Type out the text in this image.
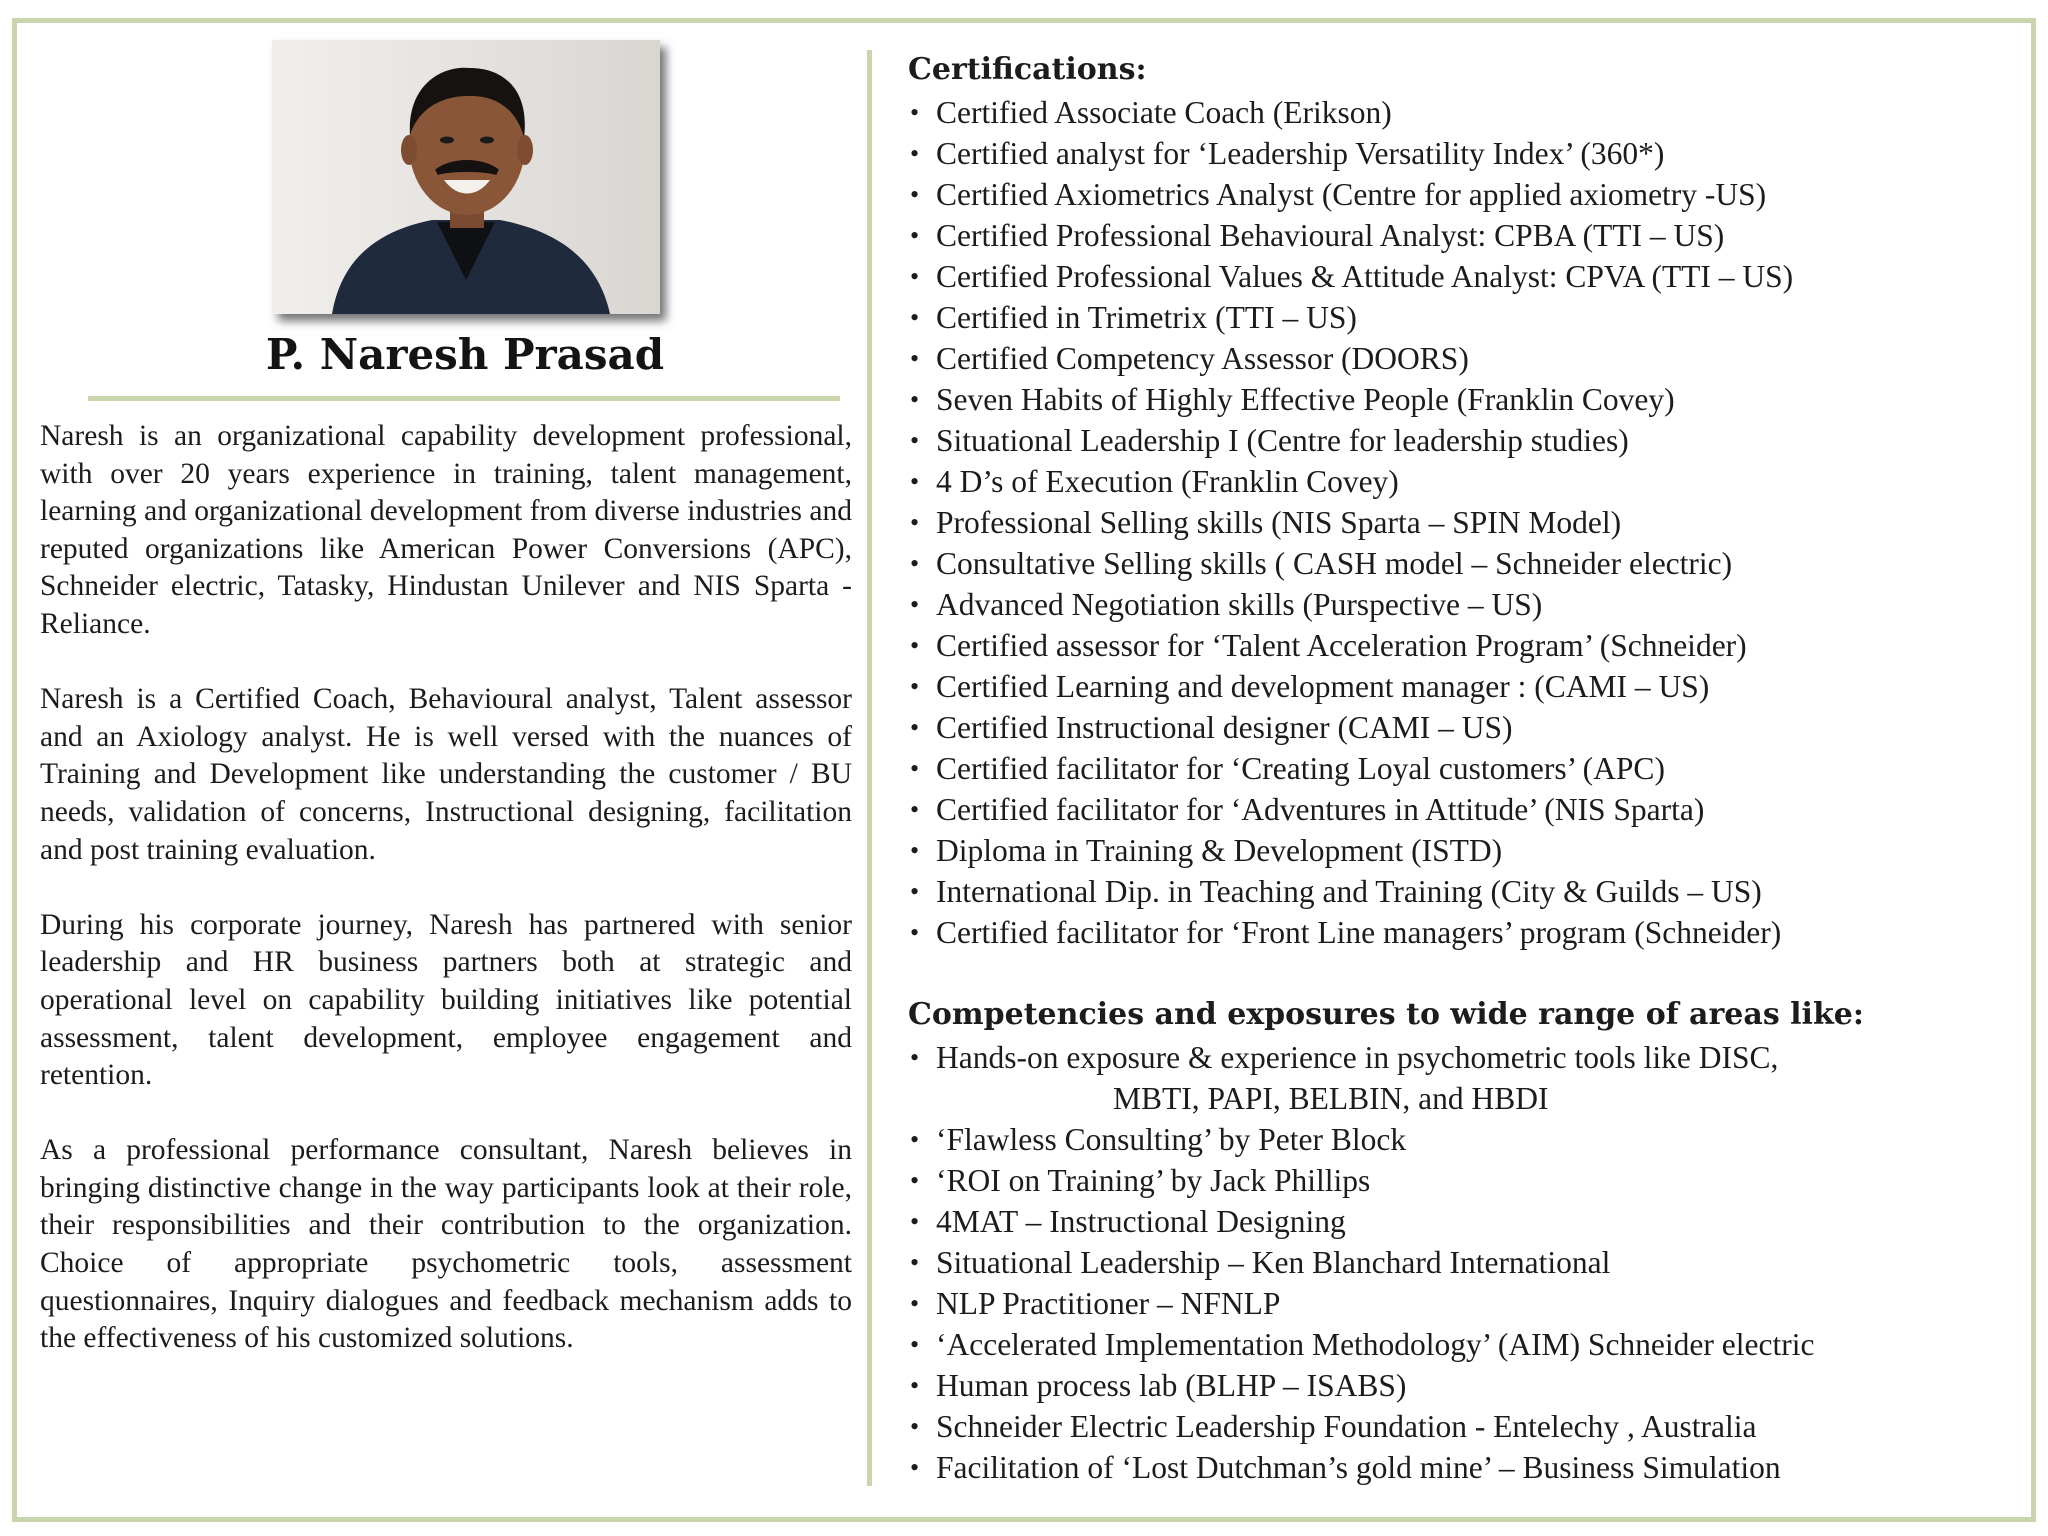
P. Naresh Prasad

Naresh is an organizational capability development professional, with over 20 years experience in training, talent management, learning and organizational development from diverse industries and reputed organizations like American Power Conversions (APC), Schneider electric, Tatasky, Hindustan Unilever and NIS Sparta - Reliance.

Naresh is a Certified Coach, Behavioural analyst, Talent assessor and an Axiology analyst. He is well versed with the nuances of Training and Development like understanding the customer / BU needs, validation of concerns, Instructional designing, facilitation and post training evaluation.

During his corporate journey, Naresh has partnered with senior leadership and HR business partners both at strategic and operational level on capability building initiatives like potential assessment, talent development, employee engagement and retention.

As a professional performance consultant, Naresh believes in bringing distinctive change in the way participants look at their role, their responsibilities and their contribution to the organization. Choice of appropriate psychometric tools, assessment questionnaires, Inquiry dialogues and feedback mechanism adds to the effectiveness of his customized solutions.

Certifications:
• Certified Associate Coach (Erikson)
• Certified analyst for ‘Leadership Versatility Index’ (360*)
• Certified Axiometrics Analyst (Centre for applied axiometry -US)
• Certified Professional Behavioural Analyst: CPBA (TTI – US)
• Certified Professional Values & Attitude Analyst: CPVA (TTI – US)
• Certified in Trimetrix (TTI – US)
• Certified Competency Assessor (DOORS)
• Seven Habits of Highly Effective People (Franklin Covey)
• Situational Leadership I (Centre for leadership studies)
• 4 D’s of Execution (Franklin Covey)
• Professional Selling skills (NIS Sparta – SPIN Model)
• Consultative Selling skills ( CASH model – Schneider electric)
• Advanced Negotiation skills (Purspective – US)
• Certified assessor for ‘Talent Acceleration Program’ (Schneider)
• Certified Learning and development manager : (CAMI – US)
• Certified Instructional designer (CAMI – US)
• Certified facilitator for ‘Creating Loyal customers’ (APC)
• Certified facilitator for ‘Adventures in Attitude’ (NIS Sparta)
• Diploma in Training & Development (ISTD)
• International Dip. in Teaching and Training (City & Guilds – US)
• Certified facilitator for ‘Front Line managers’ program (Schneider)
Competencies and exposures to wide range of areas like:
• Hands-on exposure & experience in psychometric tools like DISC,
MBTI, PAPI, BELBIN, and HBDI
• ‘Flawless Consulting’ by Peter Block
• ‘ROI on Training’ by Jack Phillips
• 4MAT – Instructional Designing
• Situational Leadership – Ken Blanchard International
• NLP Practitioner – NFNLP
• ‘Accelerated Implementation Methodology’ (AIM) Schneider electric
• Human process lab (BLHP – ISABS)
• Schneider Electric Leadership Foundation - Entelechy , Australia
• Facilitation of ‘Lost Dutchman’s gold mine’ – Business Simulation
